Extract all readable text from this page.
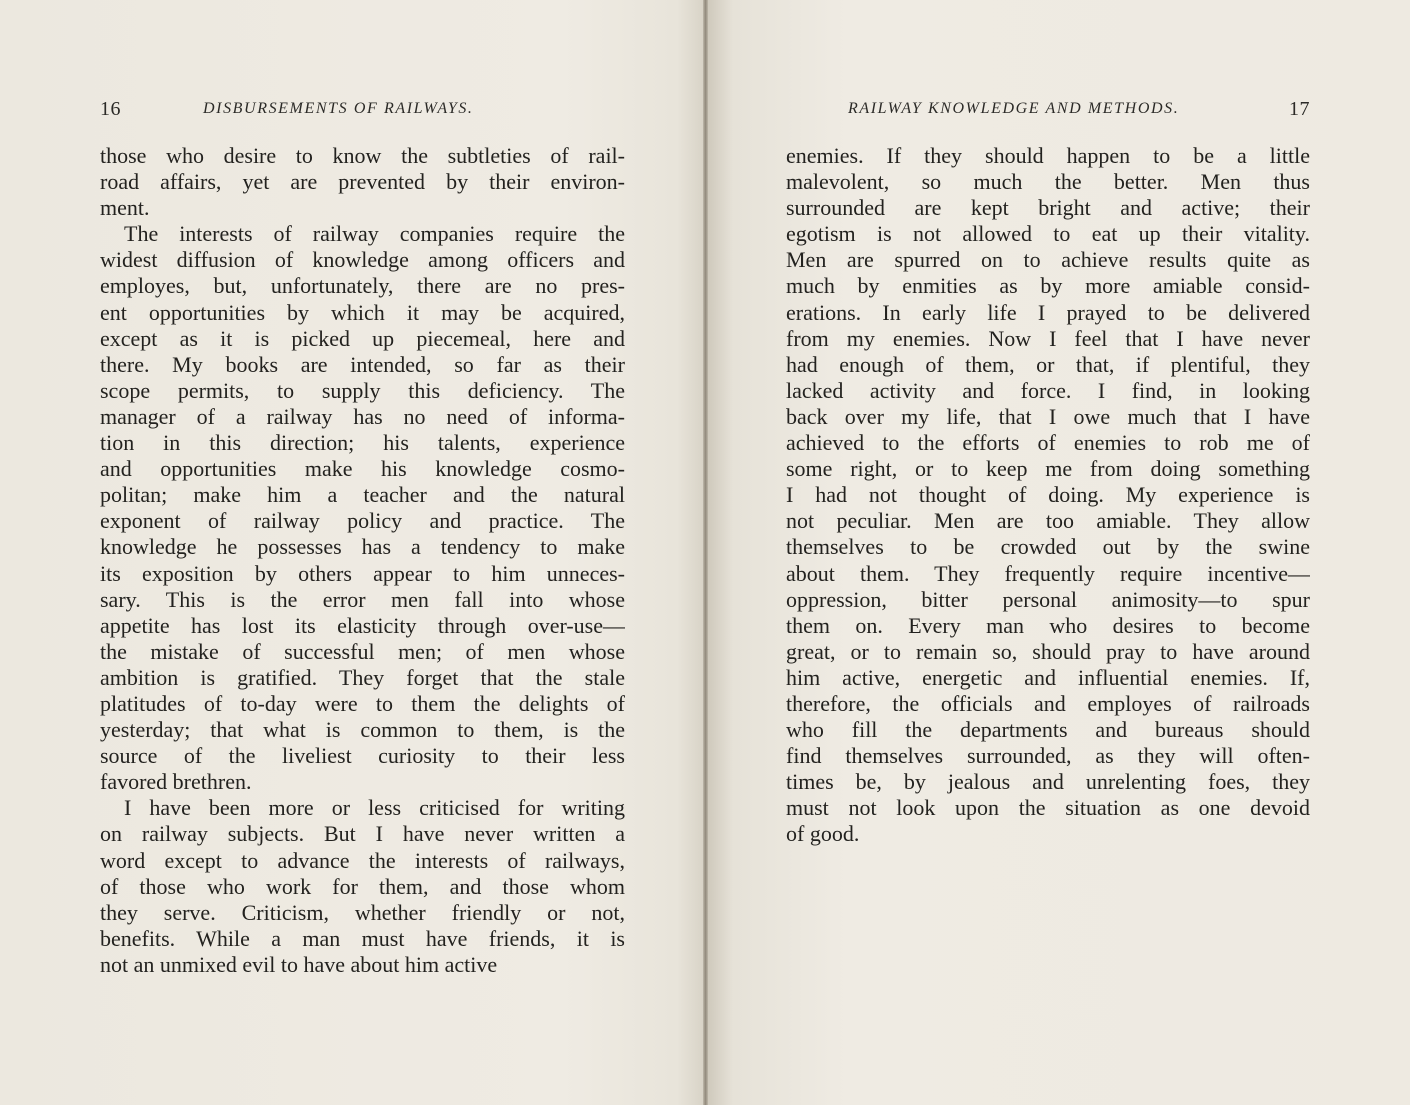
16	DISBURSEMENTS OF RAILWAYS.
those who desire to know the subtleties of rail-
road affairs, yet are prevented by their environ-
ment.
The interests of railway companies require the
widest diffusion of knowledge among officers and
employes, but, unfortunately, there are no pres-
ent opportunities by which it may be acquired,
except as it is picked up piecemeal, here and
there. My books are intended, so far as their
scope permits, to supply this deficiency. The
manager of a railway has no need of informa-
tion in this direction; his talents, experience
and opportunities make his knowledge cosmo-
politan; make him a teacher and the natural
exponent of railway policy and practice. The
knowledge he possesses has a tendency to make
its exposition by others appear to him unneces-
sary. This is the error men fall into whose
appetite has lost its elasticity through over-use—
the mistake of successful men; of men whose
ambition is gratified. They forget that the stale
platitudes of to-day were to them the delights of
yesterday; that what is common to them, is the
source of the liveliest curiosity to their less
favored brethren.
I have been more or less criticised for writing
on railway subjects. But I have never written a
word except to advance the interests of railways,
of those who work for them, and those whom
they serve. Criticism, whether friendly or not,
benefits. While a man must have friends, it is
not an unmixed evil to have about him active
RAILWAY KNOWLEDGE AND METHODS.	17
enemies. If they should happen to be a little
malevolent, so much the better. Men thus
surrounded are kept bright and active; their
egotism is not allowed to eat up their vitality.
Men are spurred on to achieve results quite as
much by enmities as by more amiable consid-
erations. In early life I prayed to be delivered
from my enemies. Now I feel that I have never
had enough of them, or that, if plentiful, they
lacked activity and force. I find, in looking
back over my life, that I owe much that I have
achieved to the efforts of enemies to rob me of
some right, or to keep me from doing something
I had not thought of doing. My experience is
not peculiar. Men are too amiable. They allow
themselves to be crowded out by the swine
about them. They frequently require incentive—
oppression, bitter personal animosity—to spur
them on. Every man who desires to become
great, or to remain so, should pray to have around
him active, energetic and influential enemies. If,
therefore, the officials and employes of railroads
who fill the departments and bureaus should
find themselves surrounded, as they will often-
times be, by jealous and unrelenting foes, they
must not look upon the situation as one devoid
of good.
